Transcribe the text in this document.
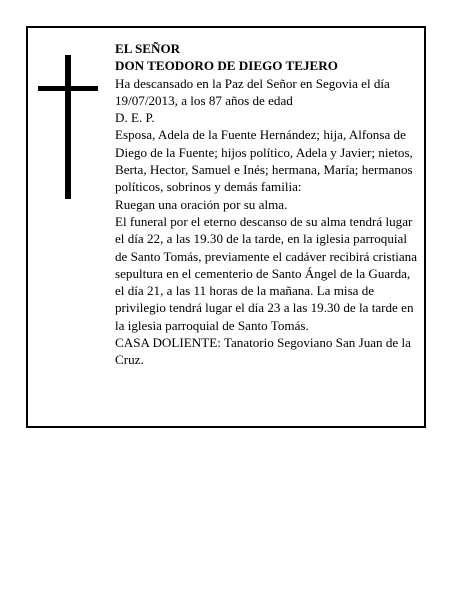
EL SEÑOR

DON TEODORO DE DIEGO TEJERO

Ha descansado en la Paz del Señor en Segovia el día 19/07/2013, a los 87 años de edad

D. E. P.

Esposa, Adela de la Fuente Hernández; hija, Alfonsa de Diego de la Fuente; hijos político, Adela y Javier; nietos, Berta, Hector, Samuel e Inés; hermana, María; hermanos políticos, sobrinos y demás familia:

Ruegan una oración por su alma.

El funeral por el eterno descanso de su alma tendrá lugar el día 22, a las 19.30 de la tarde, en la iglesia parroquial de Santo Tomás, previamente el cadáver recibirá cristiana sepultura en el cementerio de Santo Ángel de la Guarda, el día 21, a las 11 horas de la mañana. La misa de privilegio tendrá lugar el día 23 a las 19.30 de la tarde en la iglesia parroquial de Santo Tomás.

CASA DOLIENTE: Tanatorio Segoviano San Juan de la Cruz.
